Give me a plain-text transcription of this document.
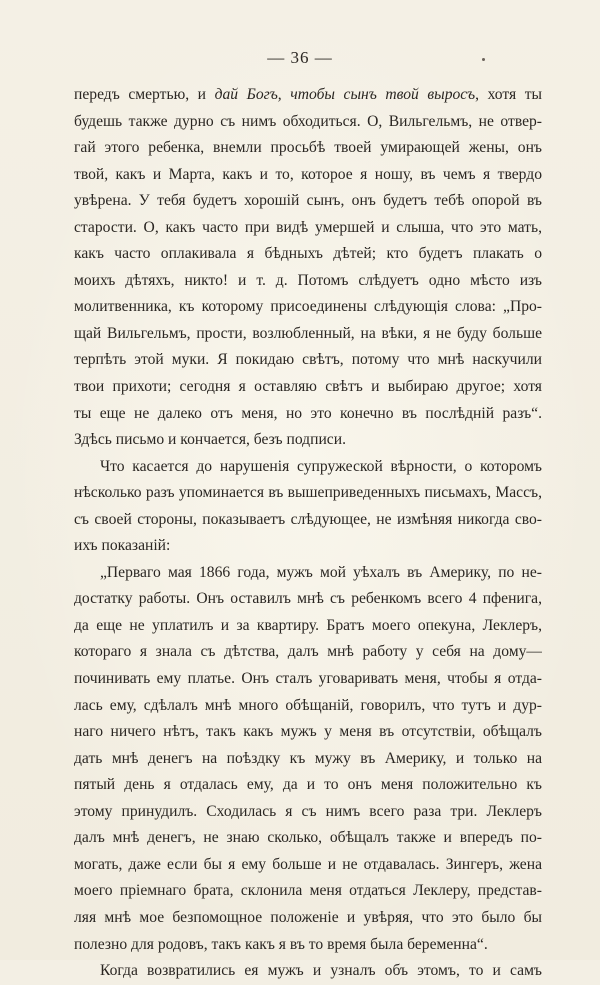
— 36 —
передъ смертью, и дай Богъ, чтобы сынъ твой выросъ, хотя ты
будешь также дурно съ нимъ обходиться. О, Вильгельмъ, не отвер-
гай этого ребенка, внемли просьбѣ твоей умирающей жены, онъ
твой, какъ и Марта, какъ и то, которое я ношу, въ чемъ я твердо
увѣрена. У тебя будетъ хорошій сынъ, онъ будетъ тебѣ опорой въ
старости. О, какъ часто при видѣ умершей и слыша, что это мать,
какъ часто оплакивала я бѣдныхъ дѣтей; кто будетъ плакать о
моихъ дѣтяхъ, никто! и т. д. Потомъ слѣдуетъ одно мѣсто изъ
молитвенника, къ которому присоединены слѣдующія слова: „Про-
щай Вильгельмъ, прости, возлюбленный, на вѣки, я не буду больше
терпѣть этой муки. Я покидаю свѣтъ, потому что мнѣ наскучили
твои прихоти; сегодня я оставляю свѣтъ и выбираю другое; хотя
ты еще не далеко отъ меня, но это конечно въ послѣдній разъ“.
Здѣсь письмо и кончается, безъ подписи.
Что касается до нарушенія супружеской вѣрности, о которомъ
нѣсколько разъ упоминается въ вышеприведенныхъ письмахъ, Массъ,
съ своей стороны, показываетъ слѣдующее, не измѣняя никогда сво-
ихъ показаній:
„Перваго мая 1866 года, мужъ мой уѣхалъ въ Америку, по не-
достатку работы. Онъ оставилъ мнѣ съ ребенкомъ всего 4 пфенига,
да еще не уплатилъ и за квартиру. Братъ моего опекуна, Леклеръ,
котораго я знала съ дѣтства, далъ мнѣ работу у себя на дому—
починивать ему платье. Онъ сталъ уговаривать меня, чтобы я отда-
лась ему, сдѣлалъ мнѣ много обѣщаній, говорилъ, что тутъ и дур-
наго ничего нѣтъ, такъ какъ мужъ у меня въ отсутствіи, обѣщалъ
дать мнѣ денегъ на поѣздку къ мужу въ Америку, и только на
пятый день я отдалась ему, да и то онъ меня положительно къ
этому принудилъ. Сходилась я съ нимъ всего раза три. Леклеръ
далъ мнѣ денегъ, не знаю сколько, обѣщалъ также и впередъ по-
могать, даже если бы я ему больше и не отдавалась. Зингеръ, жена
моего пріемнаго брата, склонила меня отдаться Леклеру, представ-
ляя мнѣ мое безпомощное положеніе и увѣряя, что это было бы
полезно для родовъ, такъ какъ я въ то время была беременна“.
Когда возвратились ея мужъ и узналъ объ этомъ, то и самъ
